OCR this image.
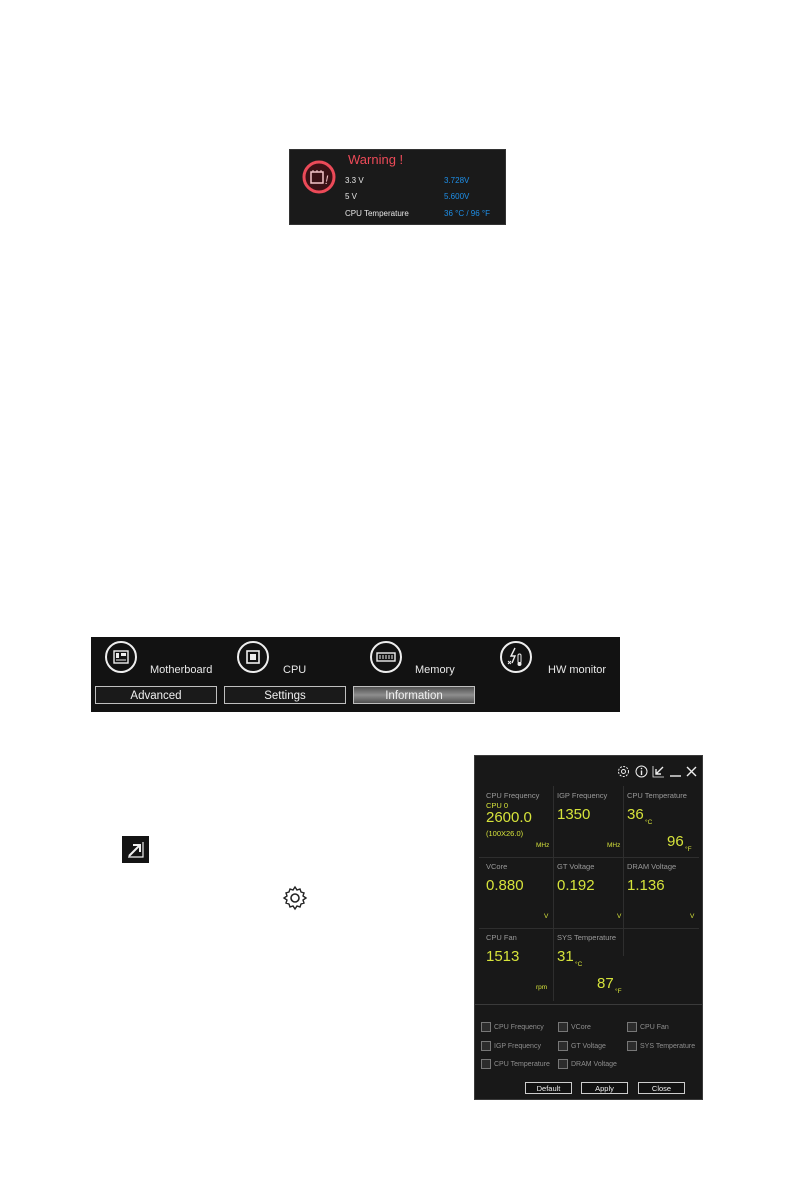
!
Warning !
3.3 V	3.728V
5 V	5.600V
CPU Temperature	36 °C / 96 °F
Motherboard	CPU	Memory	HW monitor
Advanced	Settings	Information
CPU Frequency
CPU 0
2600.0
(100X26.0)
MHz
IGP Frequency
1350
MHz
CPU Temperature
36 °C
96 °F
VCore
0.880
V
GT Voltage
0.192
V
DRAM Voltage
1.136
V
CPU Fan
1513
rpm
SYS Temperature
31 °C
87 °F
CPU Frequency	VCore	CPU Fan
IGP Frequency	GT Voltage	SYS Temperature
CPU Temperature	DRAM Voltage
Default	Apply	Close
